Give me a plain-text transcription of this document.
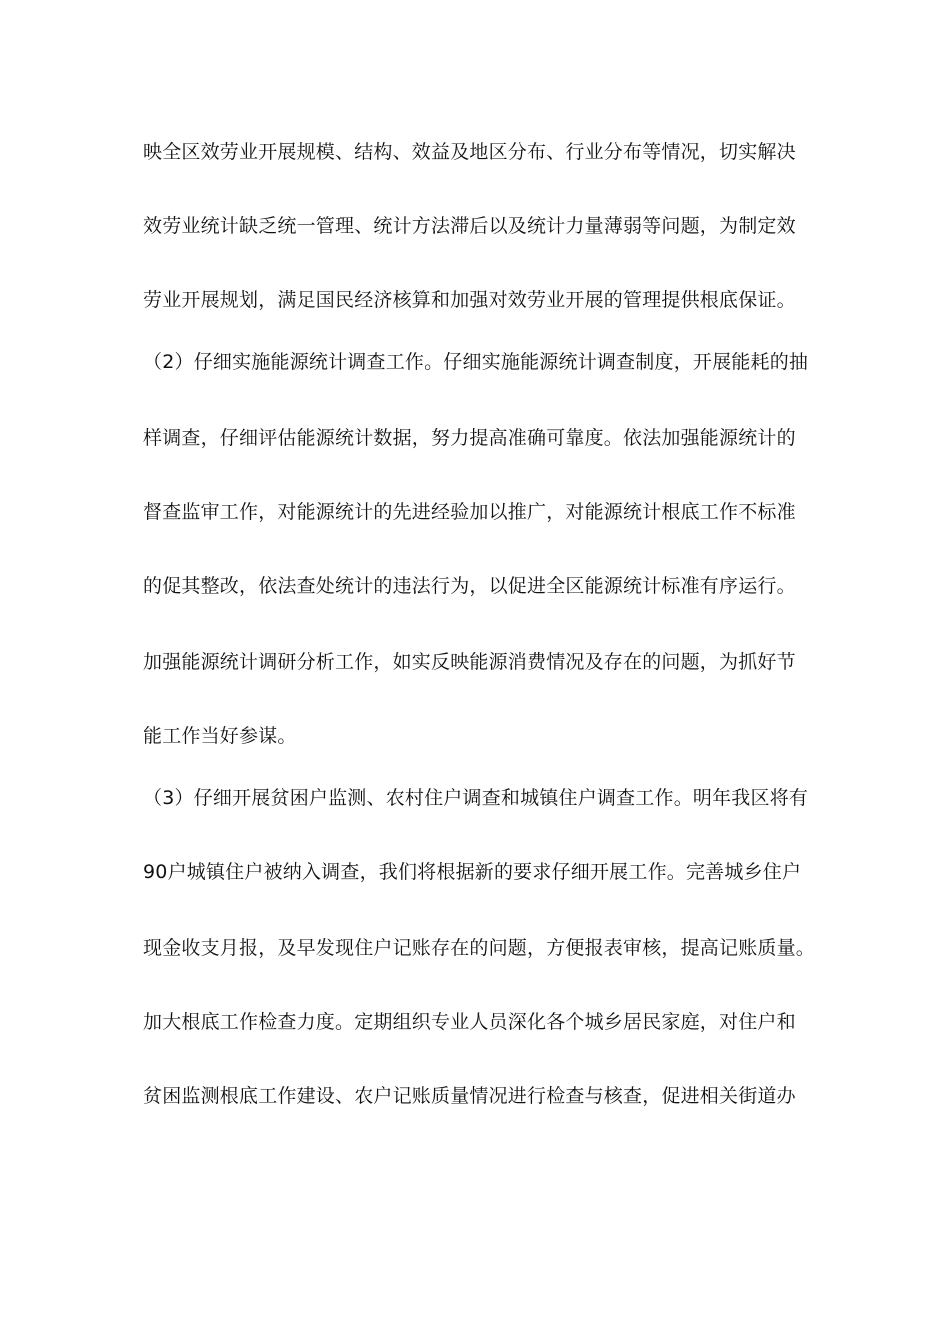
映全区效劳业开展规模、结构、效益及地区分布、行业分布等情况，切实解决
效劳业统计缺乏统一管理、统计方法滞后以及统计力量薄弱等问题，为制定效
劳业开展规划，满足国民经济核算和加强对效劳业开展的管理提供根底保证。
（2）仔细实施能源统计调查工作。仔细实施能源统计调查制度，开展能耗的抽
样调查，仔细评估能源统计数据，努力提高准确可靠度。依法加强能源统计的
督查监审工作，对能源统计的先进经验加以推广，对能源统计根底工作不标准
的促其整改，依法查处统计的违法行为，以促进全区能源统计标准有序运行。
加强能源统计调研分析工作，如实反映能源消费情况及存在的问题，为抓好节
能工作当好参谋。
（3）仔细开展贫困户监测、农村住户调查和城镇住户调查工作。明年我区将有
90户城镇住户被纳入调查，我们将根据新的要求仔细开展工作。完善城乡住户
现金收支月报，及早发现住户记账存在的问题，方便报表审核，提高记账质量。
加大根底工作检查力度。定期组织专业人员深化各个城乡居民家庭，对住户和
贫困监测根底工作建设、农户记账质量情况进行检查与核查，促进相关街道办
